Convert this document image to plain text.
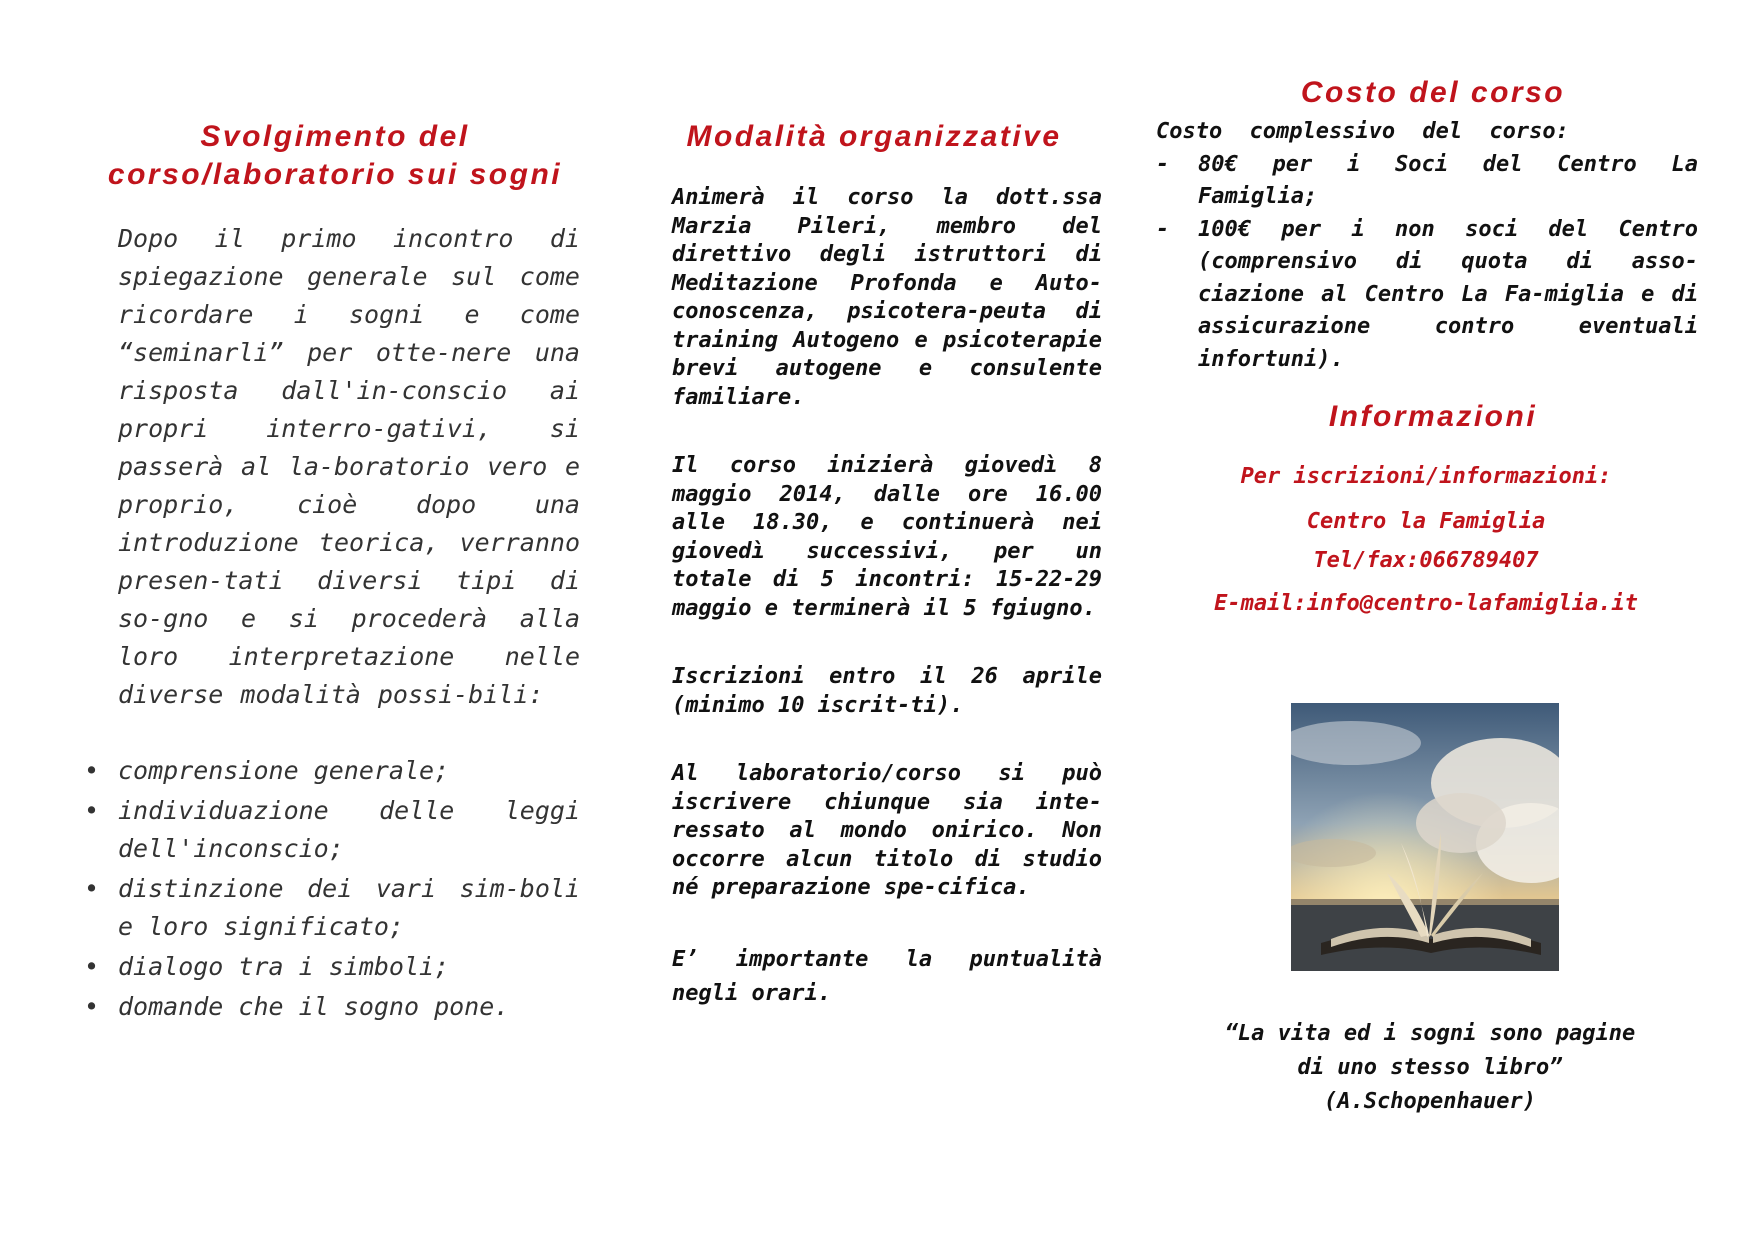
Svolgimento del
corso/laboratorio sui sogni

Dopo il primo incontro di spiegazione generale sul come ricordare i sogni e come “seminarli” per otte-nere una risposta dall'in-conscio ai propri interro-gativi, si passerà al la-boratorio vero e proprio, cioè dopo una introduzione teorica, verranno presen-tati diversi tipi di so-gno e si procederà alla loro interpretazione nelle diverse modalità possi-bili:

• comprensione generale;
• individuazione delle leggi dell'inconscio;
• distinzione dei vari sim-boli e loro significato;
• dialogo tra i simboli;
• domande che il sogno pone.
Modalità organizzative

Animerà il corso la dott.ssa Marzia Pileri, membro del direttivo degli istruttori di Meditazione Profonda e Auto-conoscenza, psicotera-peuta di training Autogeno e psicoterapie brevi autogene e consulente familiare.

Il corso inizierà giovedì 8 maggio 2014, dalle ore 16.00 alle 18.30, e continuerà nei giovedì successivi, per un totale di 5 incontri: 15-22-29 maggio e terminerà il 5 fgiugno.

Iscrizioni entro il 26 aprile (minimo 10 iscrit-ti).

Al laboratorio/corso si può iscrivere chiunque sia inte-ressato al mondo onirico. Non occorre alcun titolo di studio né preparazione spe-cifica.

E’ importante la puntualità negli orari.

Costo del corso

Costo complessivo del corso:

- 80€ per i Soci del Centro La Famiglia;
- 100€ per i non soci del Centro (comprensivo di quota di asso-ciazione al Centro La Fa-miglia e di assicurazione contro eventuali infortuni).
Informazioni

Per iscrizioni/informazioni:

Centro la Famiglia

Tel/fax:066789407

E-mail:info@centro-lafamiglia.it

“La vita ed i sogni sono pagine
di uno stesso libro”
(A.Schopenhauer)
